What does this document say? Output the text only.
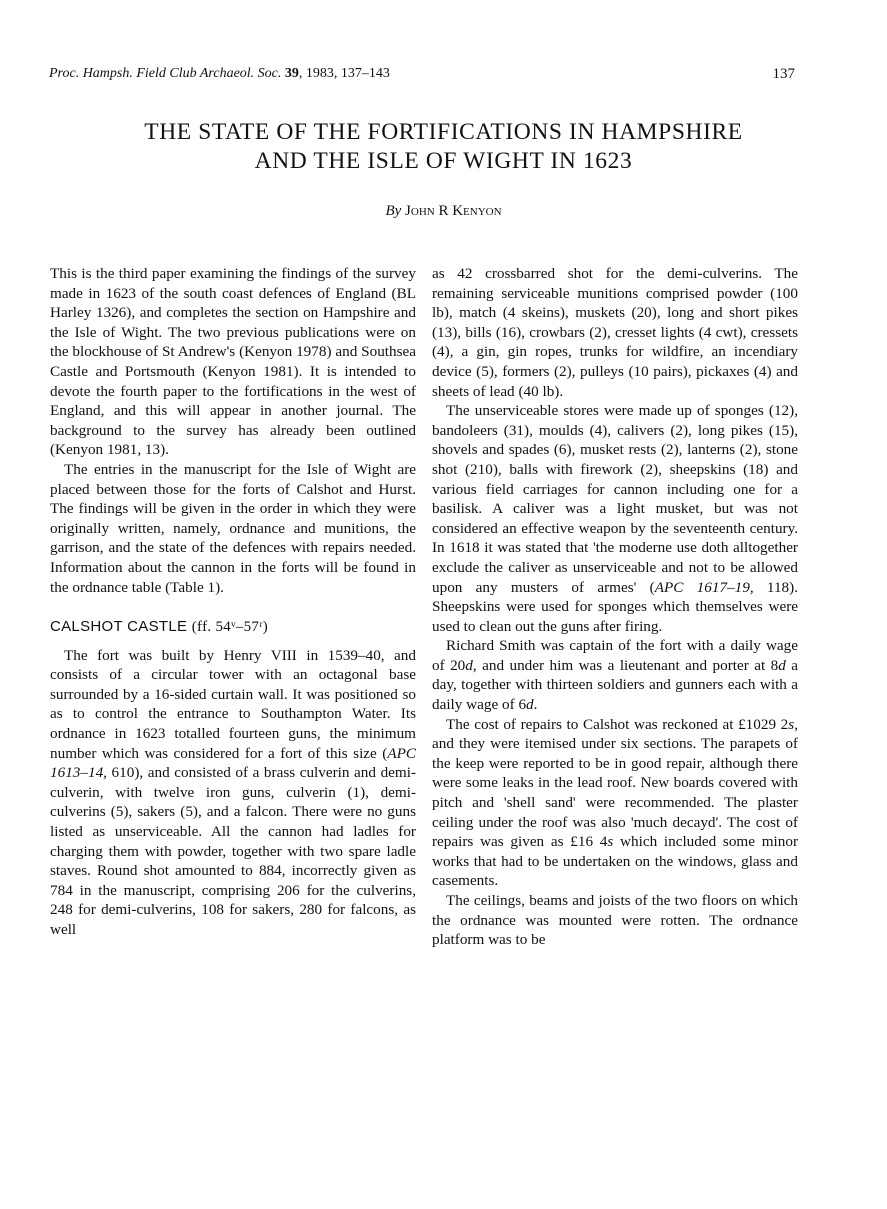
Proc. Hampsh. Field Club Archaeol. Soc. 39, 1983, 137–143	137
THE STATE OF THE FORTIFICATIONS IN HAMPSHIRE
AND THE ISLE OF WIGHT IN 1623
By John R Kenyon

This is the third paper examining the findings of the survey made in 1623 of the south coast defences of England (BL Harley 1326), and completes the section on Hampshire and the Isle of Wight. The two previous publications were on the blockhouse of St Andrew's (Kenyon 1978) and Southsea Castle and Portsmouth (Kenyon 1981). It is intended to devote the fourth paper to the fortifications in the west of England, and this will appear in another journal. The background to the survey has already been outlined (Kenyon 1981, 13).

The entries in the manuscript for the Isle of Wight are placed between those for the forts of Calshot and Hurst. The findings will be given in the order in which they were originally written, namely, ordnance and munitions, the garrison, and the state of the defences with repairs needed. Information about the cannon in the forts will be found in the ordnance table (Table 1).

CALSHOT CASTLE (ff. 54ᵛ–57ʳ)

The fort was built by Henry VIII in 1539–40, and consists of a circular tower with an octagonal base surrounded by a 16-sided curtain wall. It was positioned so as to control the entrance to Southampton Water. Its ordnance in 1623 totalled fourteen guns, the minimum number which was considered for a fort of this size (APC 1613–14, 610), and consisted of a brass culverin and demi-culverin, with twelve iron guns, culverin (1), demi-culverins (5), sakers (5), and a falcon. There were no guns listed as unserviceable. All the cannon had ladles for charging them with powder, together with two spare ladle staves. Round shot amounted to 884, incorrectly given as 784 in the manuscript, comprising 206 for the culverins, 248 for demi-culverins, 108 for sakers, 280 for falcons, as well

as 42 crossbarred shot for the demi-culverins. The remaining serviceable munitions comprised powder (100 lb), match (4 skeins), muskets (20), long and short pikes (13), bills (16), crowbars (2), cresset lights (4 cwt), cressets (4), a gin, gin ropes, trunks for wildfire, an incendiary device (5), formers (2), pulleys (10 pairs), pickaxes (4) and sheets of lead (40 lb).

The unserviceable stores were made up of sponges (12), bandoleers (31), moulds (4), calivers (2), long pikes (15), shovels and spades (6), musket rests (2), lanterns (2), stone shot (210), balls with firework (2), sheepskins (18) and various field carriages for cannon including one for a basilisk. A caliver was a light musket, but was not considered an effective weapon by the seventeenth century. In 1618 it was stated that 'the moderne use doth alltogether exclude the caliver as unserviceable and not to be allowed upon any musters of armes' (APC 1617–19, 118). Sheepskins were used for sponges which themselves were used to clean out the guns after firing.

Richard Smith was captain of the fort with a daily wage of 20d, and under him was a lieutenant and porter at 8d a day, together with thirteen soldiers and gunners each with a daily wage of 6d.

The cost of repairs to Calshot was reckoned at £1029 2s, and they were itemised under six sections. The parapets of the keep were reported to be in good repair, although there were some leaks in the lead roof. New boards covered with pitch and 'shell sand' were recommended. The plaster ceiling under the roof was also 'much decayd'. The cost of repairs was given as £16 4s which included some minor works that had to be undertaken on the windows, glass and casements.

The ceilings, beams and joists of the two floors on which the ordnance was mounted were rotten. The ordnance platform was to be
